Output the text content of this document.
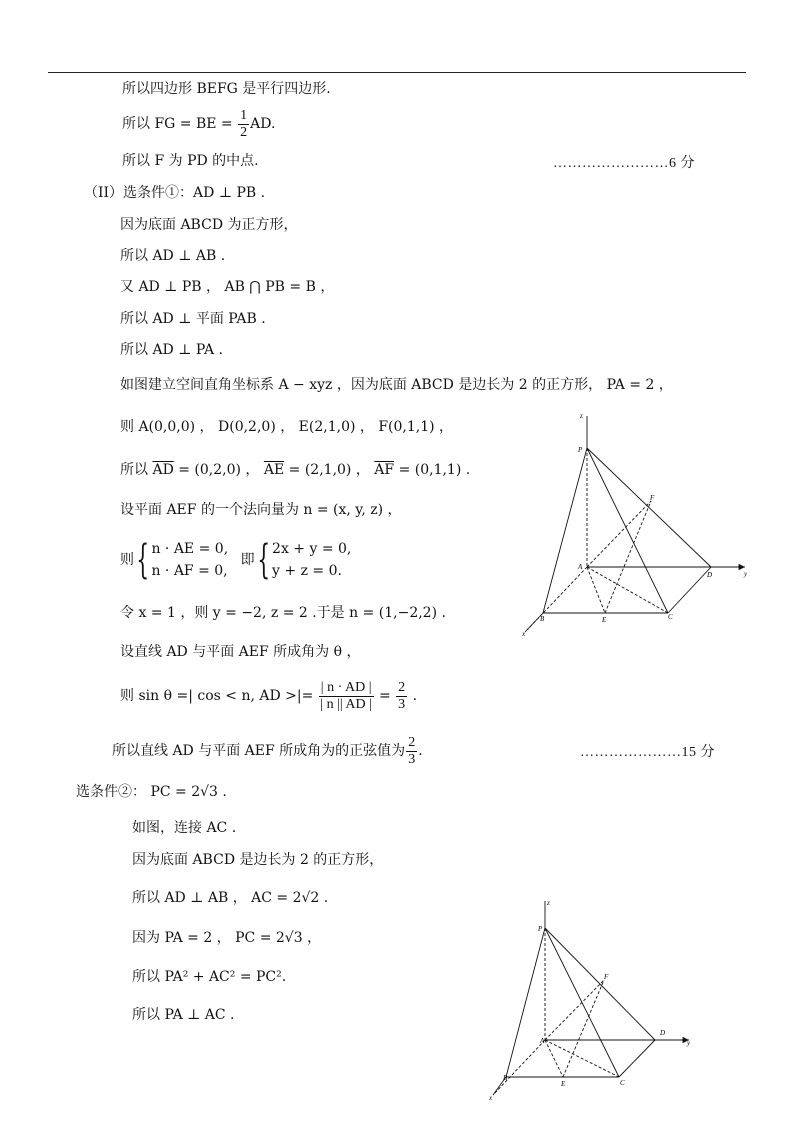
所以四边形 BEFG 是平行四边形.
所以 FG = BE = $\frac{1}{2}$ AD.
所以 F 为 PD 的中点.	……………………6 分
（II）选条件①：AD ⊥ PB .
因为底面 ABCD 为正方形，
所以 AD ⊥ AB .
又 AD ⊥ PB ， AB ⋂ PB = B ，
所以 AD ⊥ 平面 PAB .
所以 AD ⊥ PA .
如图建立空间直角坐标系 A − xyz ，因为底面 ABCD 是边长为 2 的正方形， PA = 2 ，
则 A(0,0,0) ， D(0,2,0) ， E(2,1,0) ， F(0,1,1) ，
所以 $\overline{AD} = (0,2,0)$ ， $\overline{AE} = (2,1,0)$ ， $\overline{AF} = (0,1,1)$ .
设平面 AEF 的一个法向量为 n = (x, y, z) ，
则{ n · AE = 0,
n · AF = 0, 即{ 2x + y = 0,
y + z = 0.
令 x = 1 ，则 y = −2, z = 2 .于是 n = (1,−2,2) .
设直线 AD 与平面 AEF 所成角为 θ ，
则 sin θ =| cos < n, AD >|= $\frac{| n \cdot AD |}{| n || AD |} = \frac{2}{3}$ .
所以直线 AD 与平面 AEF 所成角为的正弦值为 $\frac{2}{3}$ .	…………………15 分
选条件②： PC = 2√3 .
如图，连接 AC .
因为底面 ABCD 是边长为 2 的正方形，
所以 AD ⊥ AB ， AC = 2√2 .
因为 PA = 2 ， PC = 2√3 ，
所以 PA² + AC² = PC².
所以 PA ⊥ AC .
z
P
F
A
D	y
B	E	C
x
z
P
F
A
D
y
B
E	C
x
